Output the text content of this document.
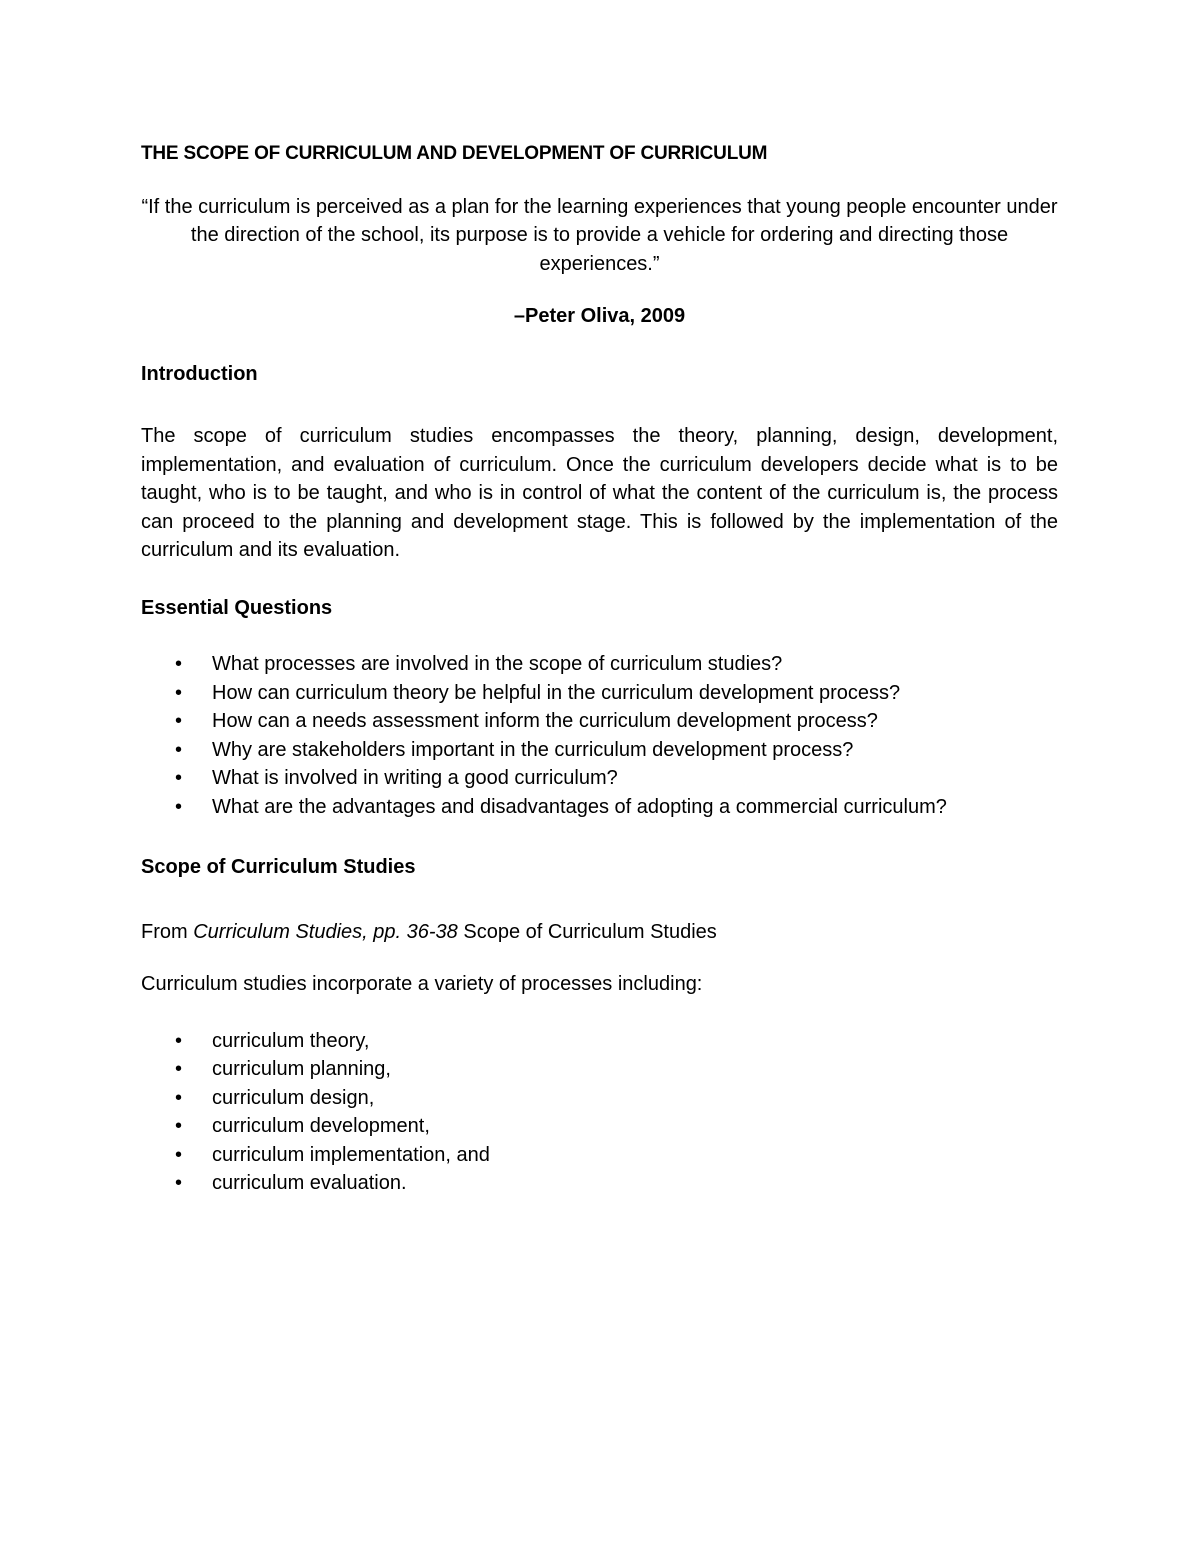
THE SCOPE OF CURRICULUM AND DEVELOPMENT OF CURRICULUM
“If the curriculum is perceived as a plan for the learning experiences that young people encounter under the direction of the school, its purpose is to provide a vehicle for ordering and directing those experiences.”
–Peter Oliva, 2009
Introduction
The scope of curriculum studies encompasses the theory, planning, design, development, implementation, and evaluation of curriculum. Once the curriculum developers decide what is to be taught, who is to be taught, and who is in control of what the content of the curriculum is, the process can proceed to the planning and development stage. This is followed by the implementation of the curriculum and its evaluation.
Essential Questions
• What processes are involved in the scope of curriculum studies?
• How can curriculum theory be helpful in the curriculum development process?
• How can a needs assessment inform the curriculum development process?
• Why are stakeholders important in the curriculum development process?
• What is involved in writing a good curriculum?
• What are the advantages and disadvantages of adopting a commercial curriculum?
Scope of Curriculum Studies
From Curriculum Studies, pp. 36-38 Scope of Curriculum Studies
Curriculum studies incorporate a variety of processes including:
• curriculum theory,
• curriculum planning,
• curriculum design,
• curriculum development,
• curriculum implementation, and
• curriculum evaluation.
